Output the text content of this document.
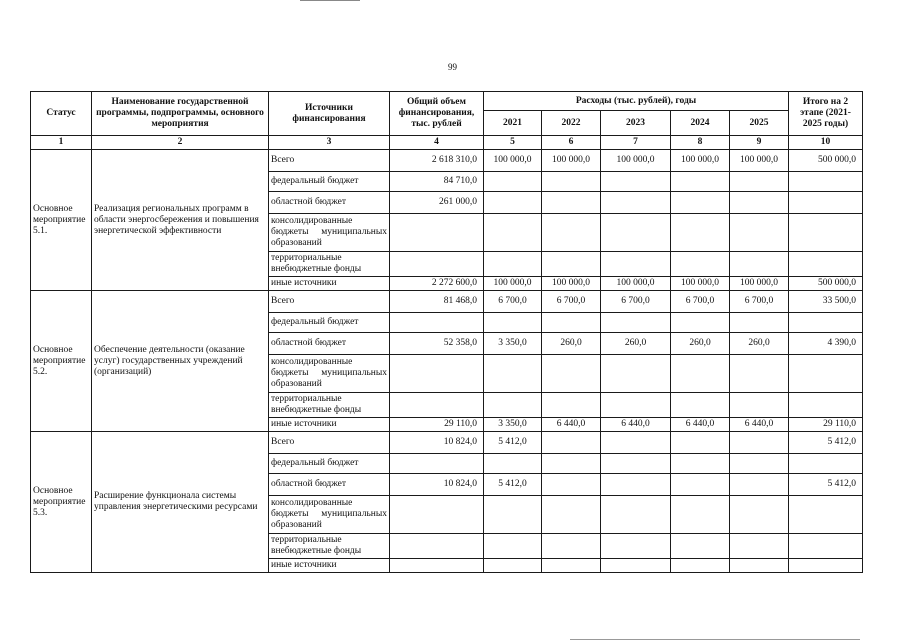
99
Статус	Наименование государственной программы, подпрограммы, основного мероприятия	Источники финансирования	Общий объем финансирования, тыс. рублей	Расходы (тыс. рублей), годы					Итого на 2 этапе (2021-2025 годы)
				2021	2022	2023	2024	2025	
1	2	3	4	5	6	7	8	9	10
Основное мероприятие 5.1.	Реализация региональных программ в области энергосбережения и повышения энергетической эффективности	Всего	2 618 310,0	100 000,0	100 000,0	100 000,0	100 000,0	100 000,0	500 000,0
		федеральный бюджет	84 710,0						
		областной бюджет	261 000,0						
		консолидированные бюджеты муниципальных образований							
		территориальные внебюджетные фонды							
		иные источники	2 272 600,0	100 000,0	100 000,0	100 000,0	100 000,0	100 000,0	500 000,0
Основное мероприятие 5.2.	Обеспечение деятельности (оказание услуг) государственных учреждений (организаций)	Всего	81 468,0	6 700,0	6 700,0	6 700,0	6 700,0	6 700,0	33 500,0
		федеральный бюджет							
		областной бюджет	52 358,0	3 350,0	260,0	260,0	260,0	260,0	4 390,0
		консолидированные бюджеты муниципальных образований							
		территориальные внебюджетные фонды							
		иные источники	29 110,0	3 350,0	6 440,0	6 440,0	6 440,0	6 440,0	29 110,0
Основное мероприятие 5.3.	Расширение функционала системы управления энергетическими ресурсами	Всего	10 824,0	5 412,0					5 412,0
		федеральный бюджет							
		областной бюджет	10 824,0	5 412,0					5 412,0
		консолидированные бюджеты муниципальных образований							
		территориальные внебюджетные фонды							
		иные источники							
